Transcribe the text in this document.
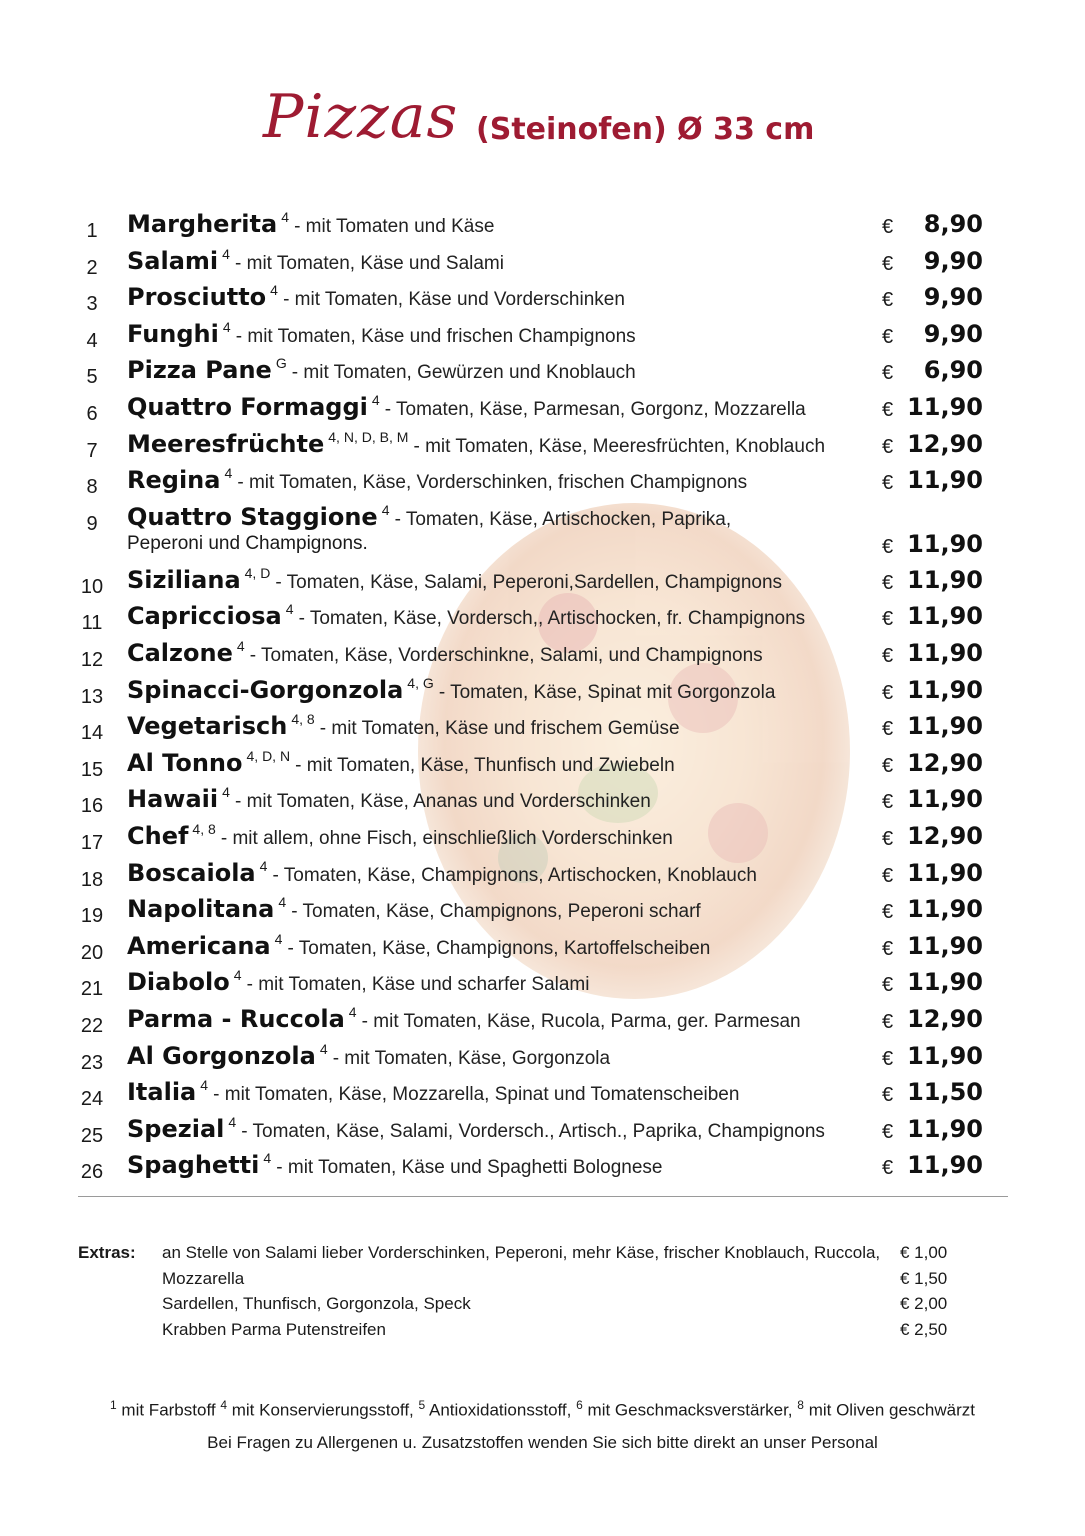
Pizzas (Steinofen) Ø 33 cm
1	Margherita 4 - mit Tomaten und Käse	€ 8,90
2	Salami 4 - mit Tomaten, Käse und Salami	€ 9,90
3	Prosciutto 4 - mit Tomaten, Käse und Vorderschinken	€ 9,90
4	Funghi 4 - mit Tomaten, Käse und frischen Champignons	€ 9,90
5	Pizza Pane G - mit Tomaten, Gewürzen und Knoblauch	€ 6,90
6	Quattro Formaggi 4 - Tomaten, Käse, Parmesan, Gorgonz, Mozzarella	€ 11,90
7	Meeresfrüchte 4, N, D, B, M - mit Tomaten, Käse, Meeresfrüchten, Knoblauch	€ 12,90
8	Regina 4 - mit Tomaten, Käse, Vorderschinken, frischen Champignons	€ 11,90
9	Quattro Staggione 4 - Tomaten, Käse, Artischocken, Paprika,
Peperoni und Champignons.	€ 11,90
10 Siziliana 4, D - Tomaten, Käse, Salami, Peperoni,Sardellen, Champignons	€ 11,90
11 Capricciosa 4 - Tomaten, Käse, Vordersch,, Artischocken, fr. Champignons	€ 11,90
12 Calzone 4 - Tomaten, Käse, Vorderschinkne, Salami, und Champignons	€ 11,90
13 Spinacci-Gorgonzola 4, G - Tomaten, Käse, Spinat mit Gorgonzola	€ 11,90
14 Vegetarisch 4, 8 - mit Tomaten, Käse und frischem Gemüse	€ 11,90
15 Al Tonno 4, D, N - mit Tomaten, Käse, Thunfisch und Zwiebeln	€ 12,90
16 Hawaii 4 - mit Tomaten, Käse, Ananas und Vorderschinken	€ 11,90
17 Chef 4, 8 - mit allem, ohne Fisch, einschließlich Vorderschinken	€ 12,90
18 Boscaiola 4 - Tomaten, Käse, Champignons, Artischocken, Knoblauch	€ 11,90
19 Napolitana 4 - Tomaten, Käse, Champignons, Peperoni scharf	€ 11,90
20 Americana 4 - Tomaten, Käse, Champignons, Kartoffelscheiben	€ 11,90
21 Diabolo 4 - mit Tomaten, Käse und scharfer Salami	€ 11,90
22 Parma - Ruccola 4 - mit Tomaten, Käse, Rucola, Parma, ger. Parmesan	€ 12,90
23 Al Gorgonzola 4 - mit Tomaten, Käse, Gorgonzola	€ 11,90
24 Italia 4 - mit Tomaten, Käse, Mozzarella, Spinat und Tomatenscheiben	€ 11,50
25 Spezial 4 - Tomaten, Käse, Salami, Vordersch., Artisch., Paprika, Champignons	€ 11,90
26 Spaghetti 4 - mit Tomaten, Käse und Spaghetti Bolognese	€ 11,90
Extras: an Stelle von Salami lieber Vorderschinken, Peperoni, mehr Käse, frischer Knoblauch, Ruccola, € 1,00
Mozzarella	€ 1,50
Sardellen, Thunfisch, Gorgonzola, Speck	€ 2,00
Krabben Parma Putenstreifen	€ 2,50
$^1$ mit Farbstoff $^4$ mit Konservierungsstoff, $^5$ Antioxidationsstoff, $^6$ mit Geschmacksverstärker, $^8$ mit Oliven geschwärzt
Bei Fragen zu Allergenen u. Zusatzstoffen wenden Sie sich bitte direkt an unser Personal
